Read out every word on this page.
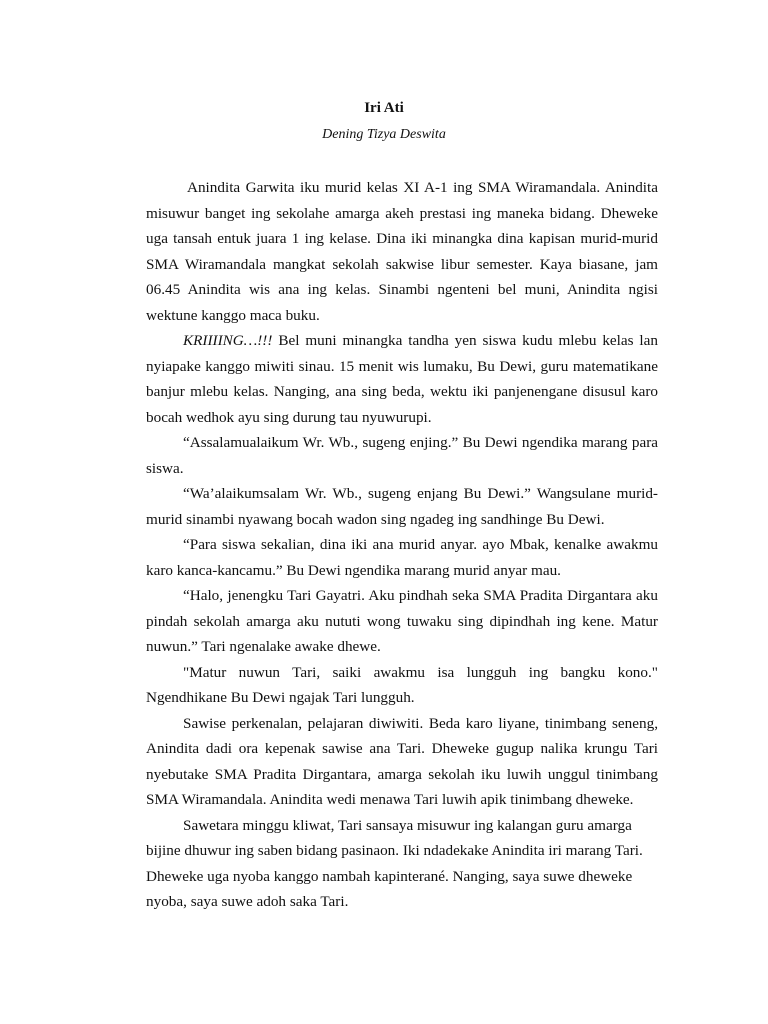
Iri Ati
Dening Tizya Deswita

Anindita Garwita iku murid kelas XI A-1 ing SMA Wiramandala. Anindita misuwur banget ing sekolahe amarga akeh prestasi ing maneka bidang. Dheweke uga tansah entuk juara 1 ing kelase. Dina iki minangka dina kapisan murid-murid SMA Wiramandala mangkat sekolah sakwise libur semester. Kaya biasane, jam 06.45 Anindita wis ana ing kelas. Sinambi ngenteni bel muni, Anindita ngisi wektune kanggo maca buku.

KRIIIING…!!! Bel muni minangka tandha yen siswa kudu mlebu kelas lan nyiapake kanggo miwiti sinau. 15 menit wis lumaku, Bu Dewi, guru matematikane banjur mlebu kelas. Nanging, ana sing beda, wektu iki panjenengane disusul karo bocah wedhok ayu sing durung tau nyuwurupi.

“Assalamualaikum Wr. Wb., sugeng enjing.” Bu Dewi ngendika marang para siswa.

“Wa’alaikumsalam Wr. Wb., sugeng enjang Bu Dewi.” Wangsulane murid-murid sinambi nyawang bocah wadon sing ngadeg ing sandhinge Bu Dewi.

“Para siswa sekalian, dina iki ana murid anyar. ayo Mbak, kenalke awakmu karo kanca-kancamu.” Bu Dewi ngendika marang murid anyar mau.

“Halo, jenengku Tari Gayatri. Aku pindhah seka SMA Pradita Dirgantara aku pindah sekolah amarga aku nututi wong tuwaku sing dipindhah ing kene. Matur nuwun.” Tari ngenalake awake dhewe.

"Matur nuwun Tari, saiki awakmu isa lungguh ing bangku kono." Ngendhikane Bu Dewi ngajak Tari lungguh.

Sawise perkenalan, pelajaran diwiwiti. Beda karo liyane, tinimbang seneng, Anindita dadi ora kepenak sawise ana Tari. Dheweke gugup nalika krungu Tari nyebutake SMA Pradita Dirgantara, amarga sekolah iku luwih unggul tinimbang SMA Wiramandala. Anindita wedi menawa Tari luwih apik tinimbang dheweke.

Sawetara minggu kliwat, Tari sansaya misuwur ing kalangan guru amarga bijine dhuwur ing saben bidang pasinaon. Iki ndadekake Anindita iri marang Tari. Dheweke uga nyoba kanggo nambah kapinterané. Nanging, saya suwe dheweke nyoba, saya suwe adoh saka Tari.
